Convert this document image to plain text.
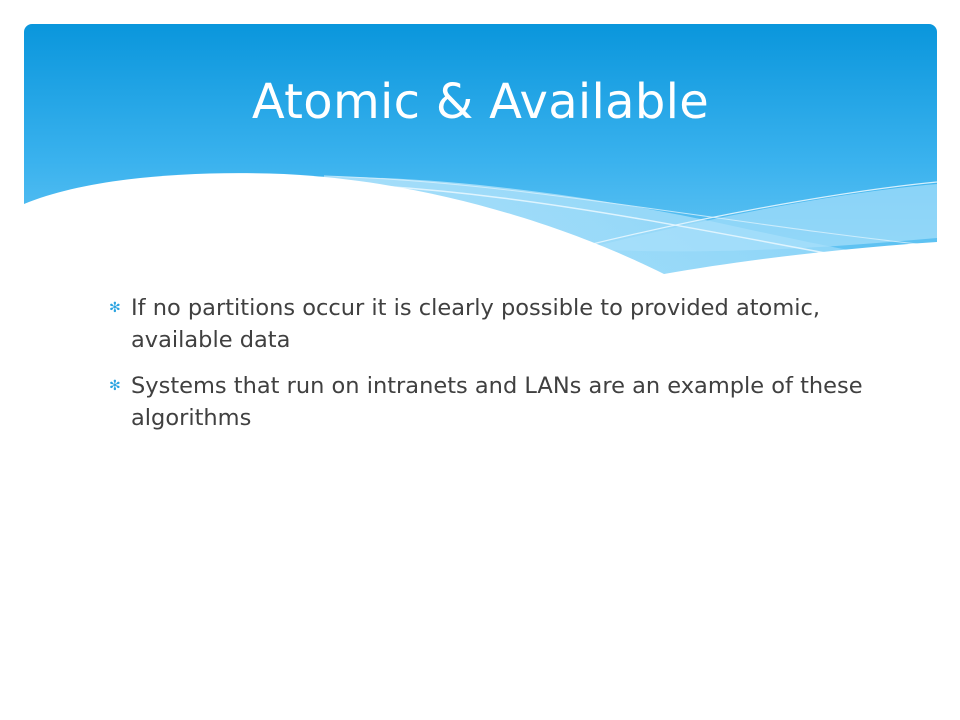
Atomic & Available
✻ If no partitions occur it is clearly possible to provided atomic, available data
✻ Systems that run on intranets and LANs are an example of these algorithms
